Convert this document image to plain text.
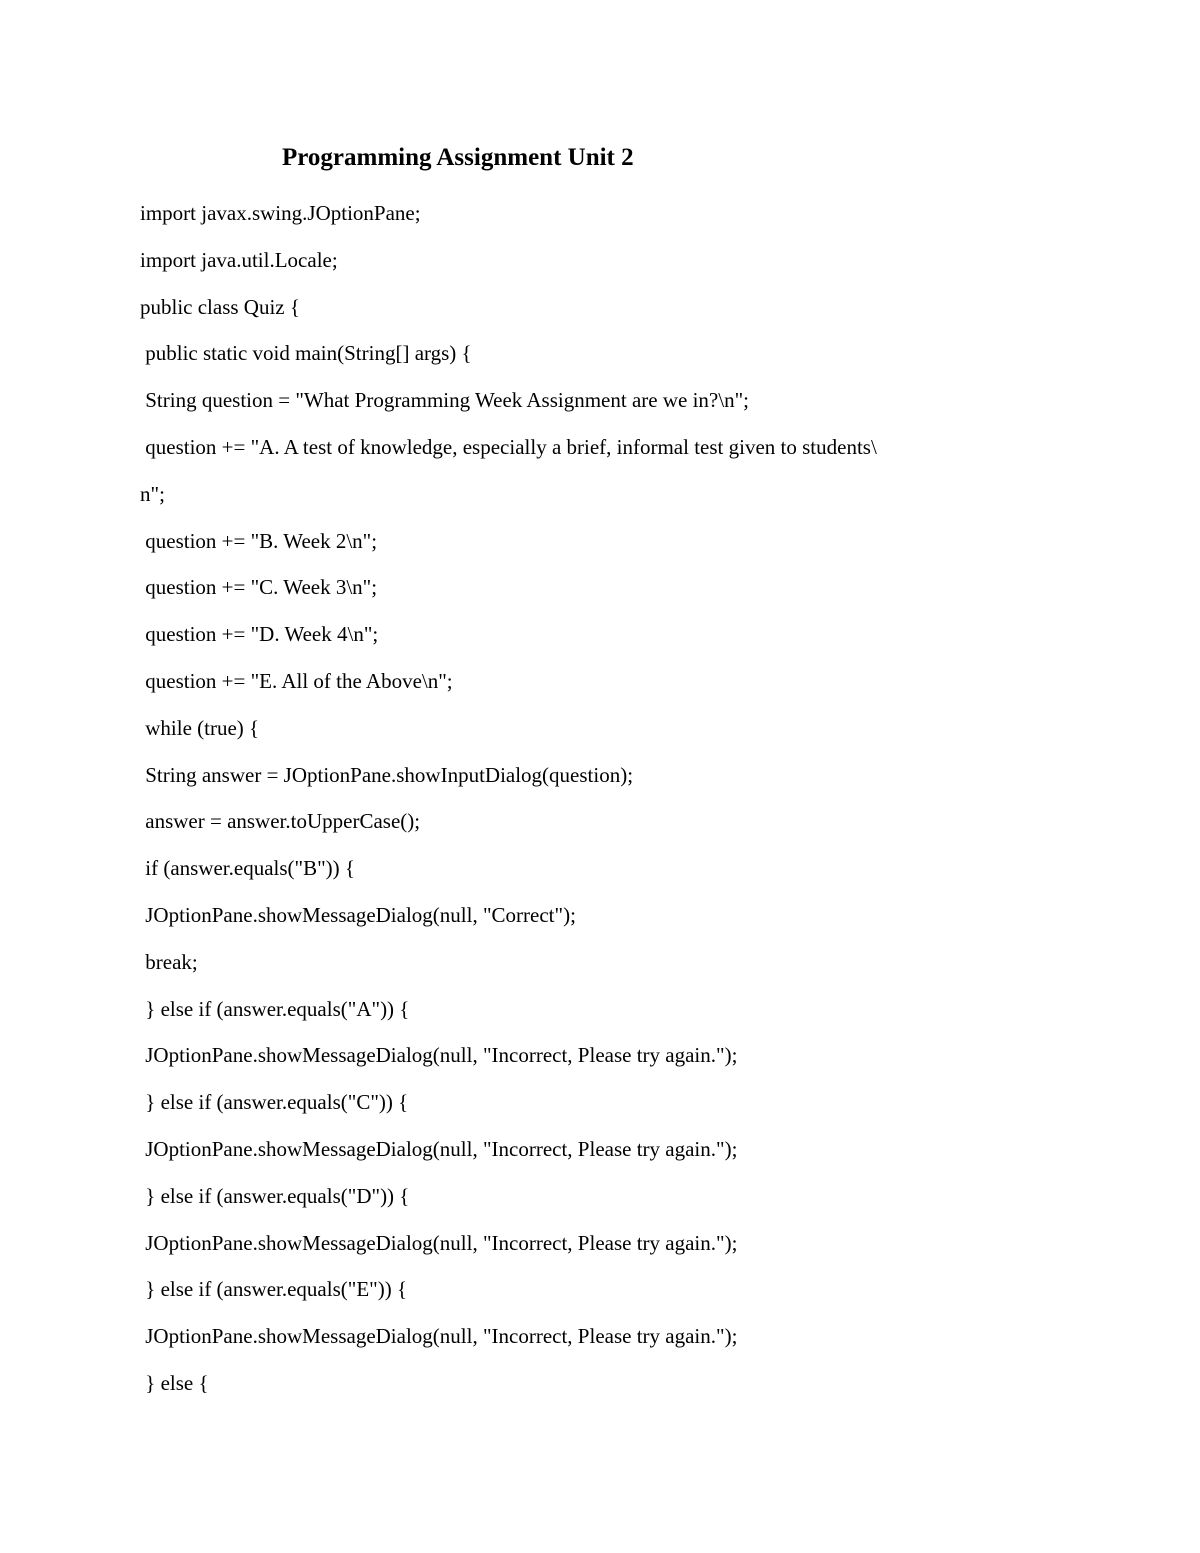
Programming Assignment Unit 2
import javax.swing.JOptionPane;
import java.util.Locale;
public class Quiz {
public static void main(String[] args) {
String question = "What Programming Week Assignment are we in?\n";
question += "A. A test of knowledge, especially a brief, informal test given to students\
n";
question += "B. Week 2\n";
question += "C. Week 3\n";
question += "D. Week 4\n";
question += "E. All of the Above\n";
while (true) {
String answer = JOptionPane.showInputDialog(question);
answer = answer.toUpperCase();
if (answer.equals("B")) {
JOptionPane.showMessageDialog(null, "Correct");
break;
} else if (answer.equals("A")) {
JOptionPane.showMessageDialog(null, "Incorrect, Please try again.");
} else if (answer.equals("C")) {
JOptionPane.showMessageDialog(null, "Incorrect, Please try again.");
} else if (answer.equals("D")) {
JOptionPane.showMessageDialog(null, "Incorrect, Please try again.");
} else if (answer.equals("E")) {
JOptionPane.showMessageDialog(null, "Incorrect, Please try again.");
} else {
